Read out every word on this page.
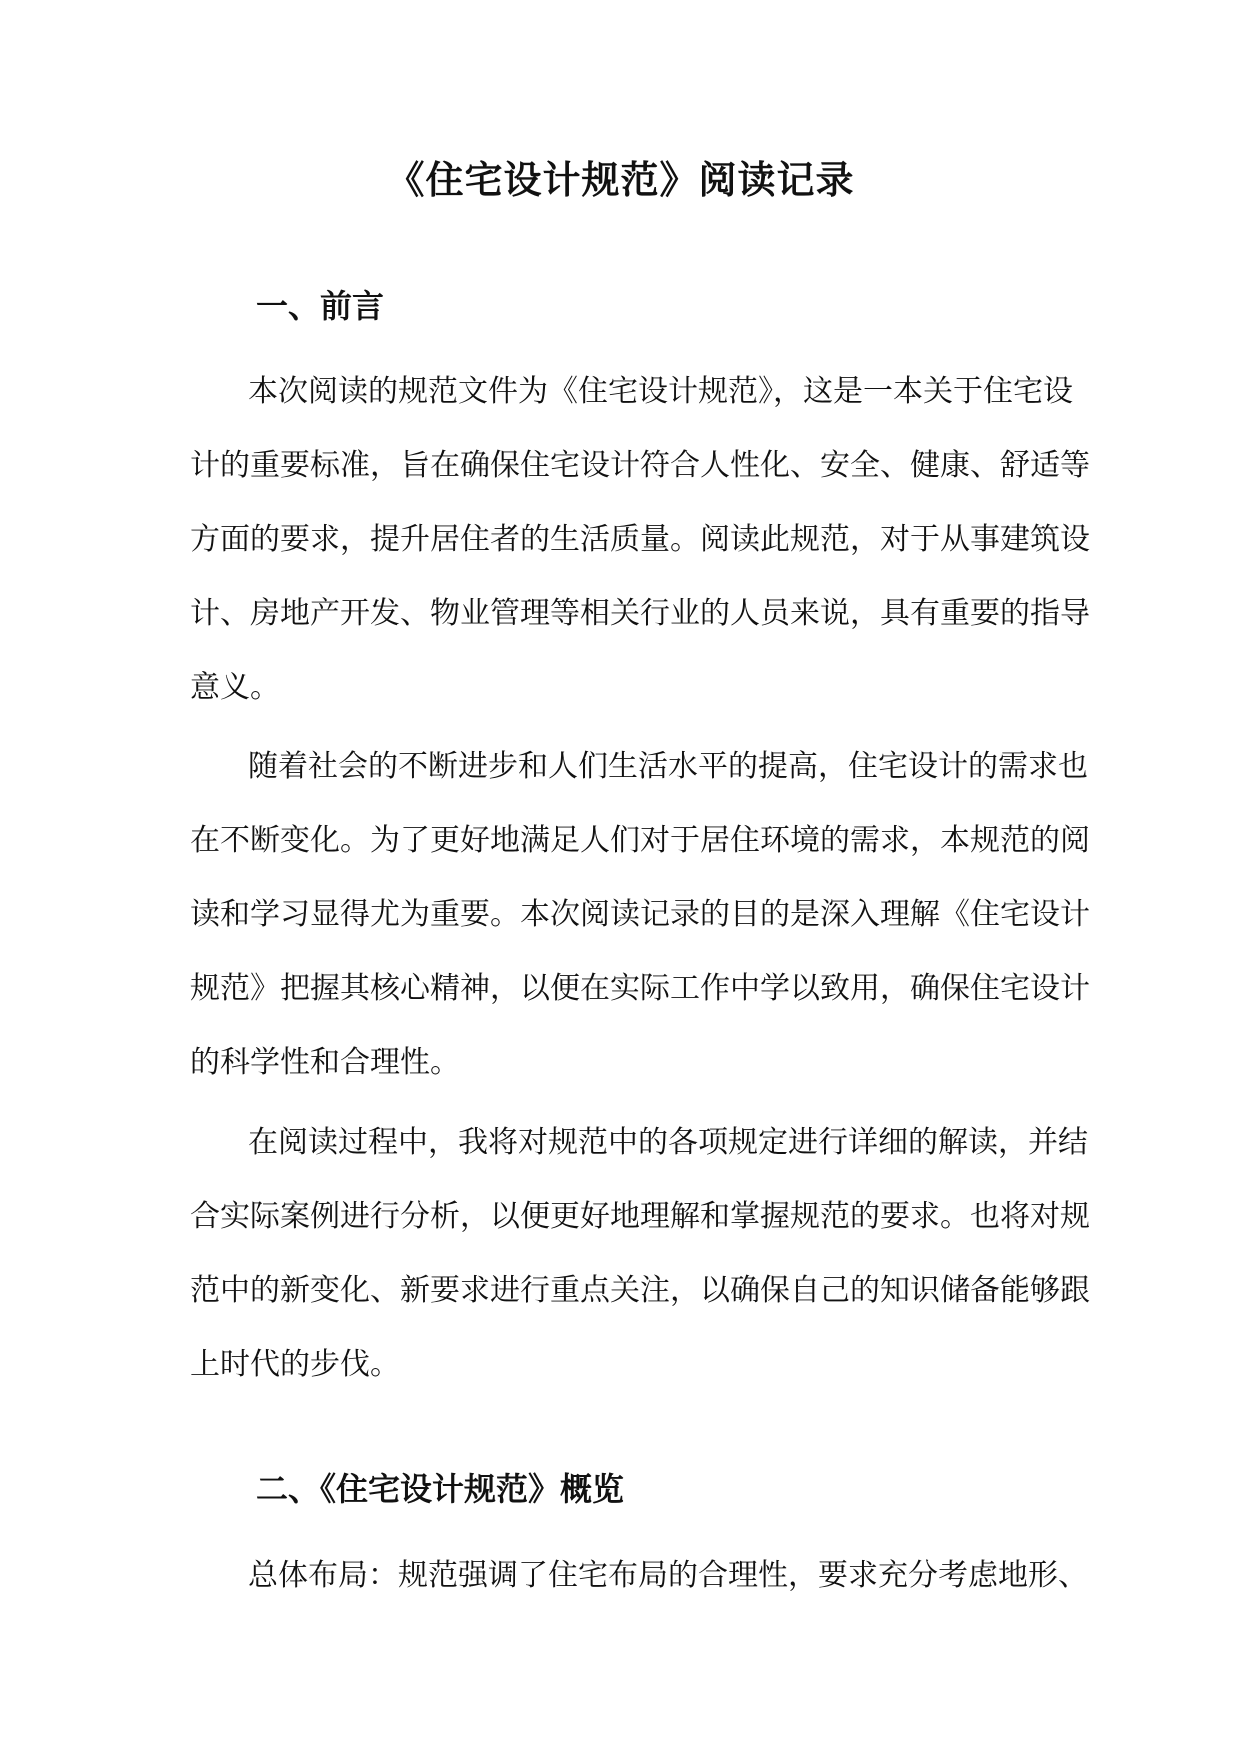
《住宅设计规范》阅读记录
一、前言

本次阅读的规范文件为《住宅设计规范》，这是一本关于住宅设

计的重要标准，旨在确保住宅设计符合人性化、安全、健康、舒适等

方面的要求，提升居住者的生活质量。阅读此规范，对于从事建筑设

计、房地产开发、物业管理等相关行业的人员来说，具有重要的指导

意义。

随着社会的不断进步和人们生活水平的提高，住宅设计的需求也

在不断变化。为了更好地满足人们对于居住环境的需求，本规范的阅

读和学习显得尤为重要。本次阅读记录的目的是深入理解《住宅设计

规范》把握其核心精神，以便在实际工作中学以致用，确保住宅设计

的科学性和合理性。

在阅读过程中，我将对规范中的各项规定进行详细的解读，并结

合实际案例进行分析，以便更好地理解和掌握规范的要求。也将对规

范中的新变化、新要求进行重点关注，以确保自己的知识储备能够跟

上时代的步伐。

二、《住宅设计规范》概览

总体布局：规范强调了住宅布局的合理性，要求充分考虑地形、
